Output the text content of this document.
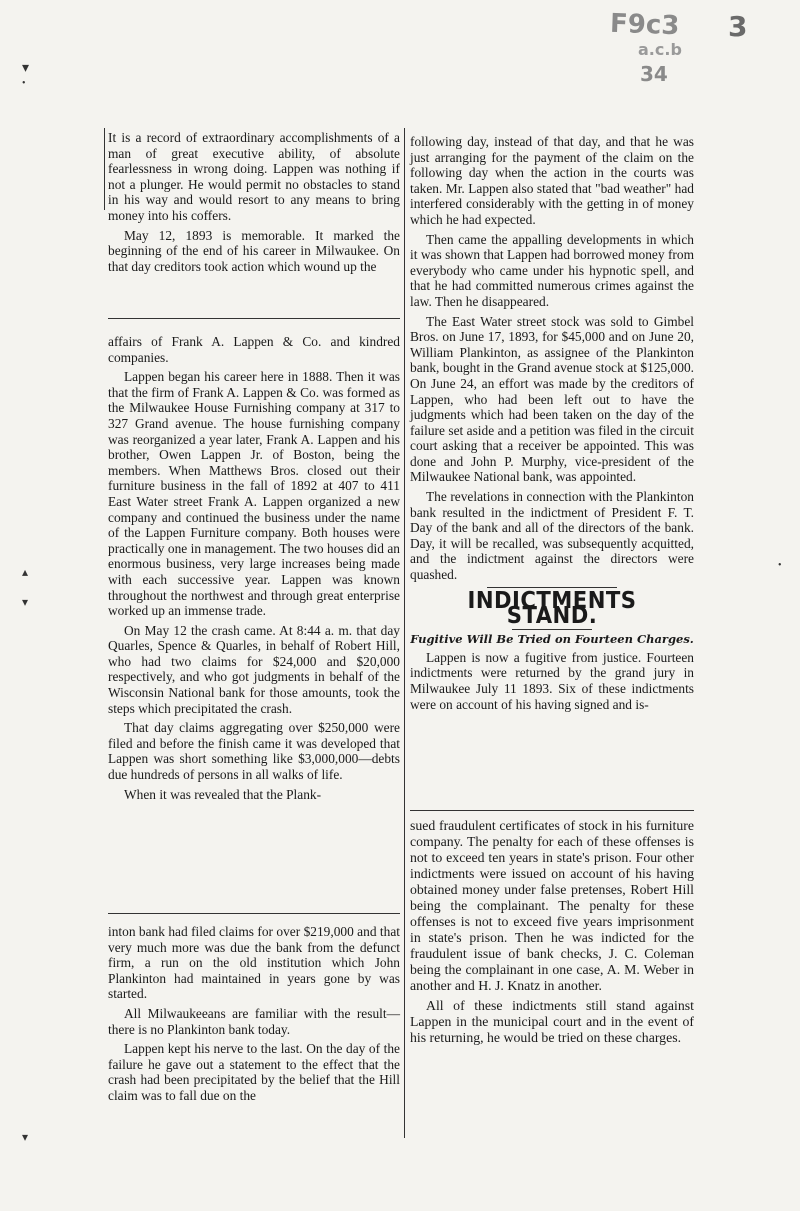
F9c3 3
a.c.b
34
▾
•
▴
▾
▾
•

It is a record of extraordinary accomplishments of a man of great executive ability, of absolute fearlessness in wrong doing. Lappen was nothing if not a plunger. He would permit no obstacles to stand in his way and would resort to any means to bring money into his coffers.

May 12, 1893 is memorable. It marked the beginning of the end of his career in Milwaukee. On that day creditors took action which wound up the

affairs of Frank A. Lappen & Co. and kindred companies.

Lappen began his career here in 1888. Then it was that the firm of Frank A. Lappen & Co. was formed as the Milwaukee House Furnishing company at 317 to 327 Grand avenue. The house furnishing company was reorganized a year later, Frank A. Lappen and his brother, Owen Lappen Jr. of Boston, being the members. When Matthews Bros. closed out their furniture business in the fall of 1892 at 407 to 411 East Water street Frank A. Lappen organized a new company and continued the business under the name of the Lappen Furniture company. Both houses were practically one in management. The two houses did an enormous business, very large increases being made with each successive year. Lappen was known throughout the northwest and through great enterprise worked up an immense trade.

On May 12 the crash came. At 8:44 a. m. that day Quarles, Spence & Quarles, in behalf of Robert Hill, who had two claims for $24,000 and $20,000 respectively, and who got judgments in behalf of the Wisconsin National bank for those amounts, took the steps which precipitated the crash.

That day claims aggregating over $250,000 were filed and before the finish came it was developed that Lappen was short something like $3,000,000—debts due hundreds of persons in all walks of life.

When it was revealed that the Plank-

inton bank had filed claims for over $219,000 and that very much more was due the bank from the defunct firm, a run on the old institution which John Plankinton had maintained in years gone by was started.

All Milwaukeeans are familiar with the result—there is no Plankinton bank today.

Lappen kept his nerve to the last. On the day of the failure he gave out a statement to the effect that the crash had been precipitated by the belief that the Hill claim was to fall due on the

following day, instead of that day, and that he was just arranging for the payment of the claim on the following day when the action in the courts was taken. Mr. Lappen also stated that "bad weather" had interfered considerably with the getting in of money which he had expected.

Then came the appalling developments in which it was shown that Lappen had borrowed money from everybody who came under his hypnotic spell, and that he had committed numerous crimes against the law. Then he disappeared.

The East Water street stock was sold to Gimbel Bros. on June 17, 1893, for $45,000 and on June 20, William Plankinton, as assignee of the Plankinton bank, bought in the Grand avenue stock at $125,000. On June 24, an effort was made by the creditors of Lappen, who had been left out to have the judgments which had been taken on the day of the failure set aside and a petition was filed in the circuit court asking that a receiver be appointed. This was done and John P. Murphy, vice-president of the Milwaukee National bank, was appointed.

The revelations in connection with the Plankinton bank resulted in the indictment of President F. T. Day of the bank and all of the directors of the bank. Day, it will be recalled, was subsequently acquitted, and the indictment against the directors were quashed.

INDICTMENTS STAND.
Fugitive Will Be Tried on Fourteen Charges.

Lappen is now a fugitive from justice. Fourteen indictments were returned by the grand jury in Milwaukee July 11 1893. Six of these indictments were on account of his having signed and is-

sued fraudulent certificates of stock in his furniture company. The penalty for each of these offenses is not to exceed ten years in state's prison. Four other indictments were issued on account of his having obtained money under false pretenses, Robert Hill being the complainant. The penalty for these offenses is not to exceed five years imprisonment in state's prison. Then he was indicted for the fraudulent issue of bank checks, J. C. Coleman being the complainant in one case, A. M. Weber in another and H. J. Knatz in another.

All of these indictments still stand against Lappen in the municipal court and in the event of his returning, he would be tried on these charges.
